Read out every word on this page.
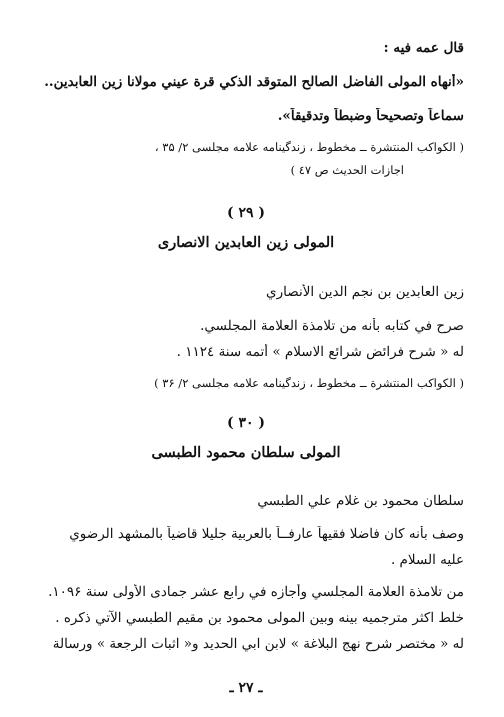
قال عمه فيه :
«أنهاه المولى الفاضل الصالح المتوقد الذكي قرة عيني مولانا زين العابدين..
سماعاً وتصحيحاً وضبطاً وتدقيقاً».
( الكواكب المنتشرة ــ مخطوط ، زندگينامه علامه مجلسی ۲/ ۳۵ ،
اجازات الحديث ص ٤٧ )
( ۲۹ )
المولى زين العابدين الانصارى
زين العابدين بن نجم الدين الأنصاري
صرح في كتابه بأنه من تلامذة العلامة المجلسي.
له « شرح فرائض شرائع الاسلام » أتمه سنة ۱۱۲٤ .
( الكواكب المنتشرة ــ مخطوط ، زندگينامه علامه مجلسی ۲/ ۳۶ )
( ۳۰ )
المولى سلطان محمود الطبسى
سلطان محمود بن غلام علي الطبسي
وصف بأنه كان فاضلا فقيهاً عارفــاً بالعربية جليلا قاضياً بالمشهد الرضوي
عليه السلام .
من تلامذة العلامة المجلسي وأجازه في رابع عشر جمادى الأولى سنة ۱۰۹۶.
خلط اكثر مترجميه بينه وبين المولى محمود بن مقيم الطبسي الآتي ذكره .
له « مختصر شرح نهج البلاغة » لابن ابي الحديد و« اثبات الرجعة » ورسالة
ـ ۲۷ ـ
